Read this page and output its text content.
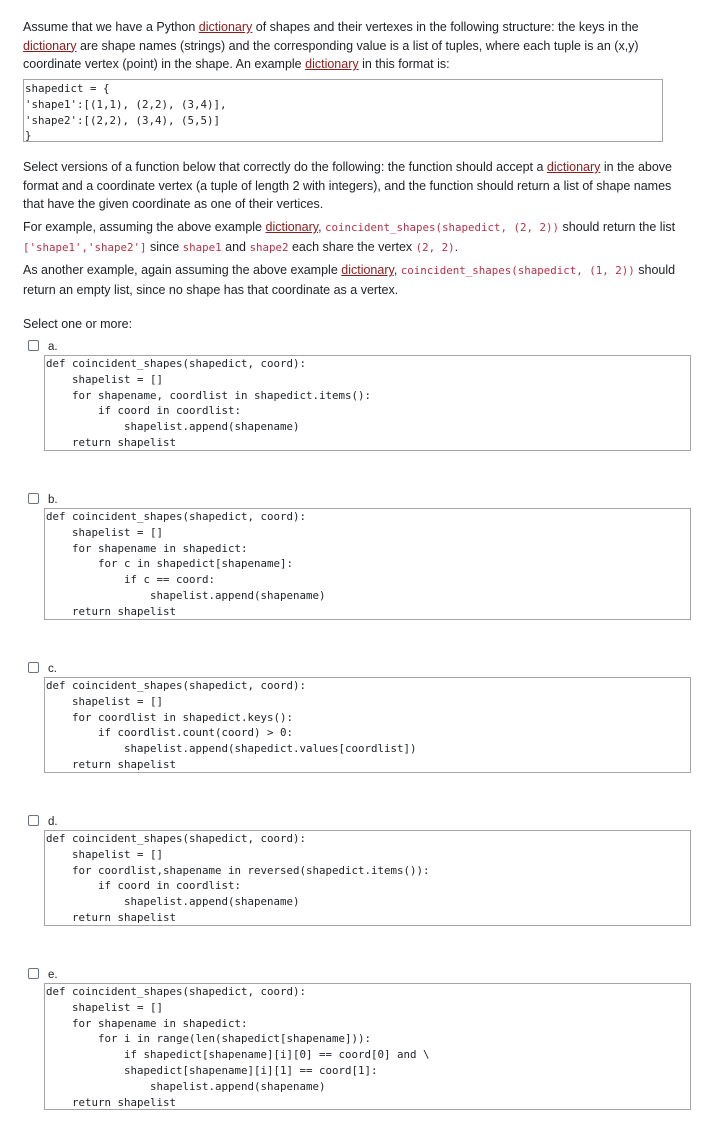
Assume that we have a Python dictionary of shapes and their vertexes in the following structure: the keys in the dictionary are shape names (strings) and the corresponding value is a list of tuples, where each tuple is an (x,y) coordinate vertex (point) in the shape. An example dictionary in this format is:

shapedict = {
'shape1':[(1,1), (2,2), (3,4)],
'shape2':[(2,2), (3,4), (5,5)]
}

Select versions of a function below that correctly do the following: the function should accept a dictionary in the above format and a coordinate vertex (a tuple of length 2 with integers), and the function should return a list of shape names that have the given coordinate as one of their vertices.

For example, assuming the above example dictionary, coincident_shapes(shapedict, (2, 2)) should return the list ['shape1','shape2'] since shape1 and shape2 each share the vertex (2, 2).

As another example, again assuming the above example dictionary, coincident_shapes(shapedict, (1, 2)) should return an empty list, since no shape has that coordinate as a vertex.

Select one or more:

a.
def coincident_shapes(shapedict, coord):
shapelist = []
for shapename, coordlist in shapedict.items():
if coord in coordlist:
shapelist.append(shapename)
return shapelist
b.
def coincident_shapes(shapedict, coord):
shapelist = []
for shapename in shapedict:
for c in shapedict[shapename]:
if c == coord:
shapelist.append(shapename)
return shapelist
c.
def coincident_shapes(shapedict, coord):
shapelist = []
for coordlist in shapedict.keys():
if coordlist.count(coord) > 0:
shapelist.append(shapedict.values[coordlist])
return shapelist
d.
def coincident_shapes(shapedict, coord):
shapelist = []
for coordlist,shapename in reversed(shapedict.items()):
if coord in coordlist:
shapelist.append(shapename)
return shapelist
e.
def coincident_shapes(shapedict, coord):
shapelist = []
for shapename in shapedict:
for i in range(len(shapedict[shapename])):
if shapedict[shapename][i][0] == coord[0] and \
shapedict[shapename][i][1] == coord[1]:
shapelist.append(shapename)
return shapelist
